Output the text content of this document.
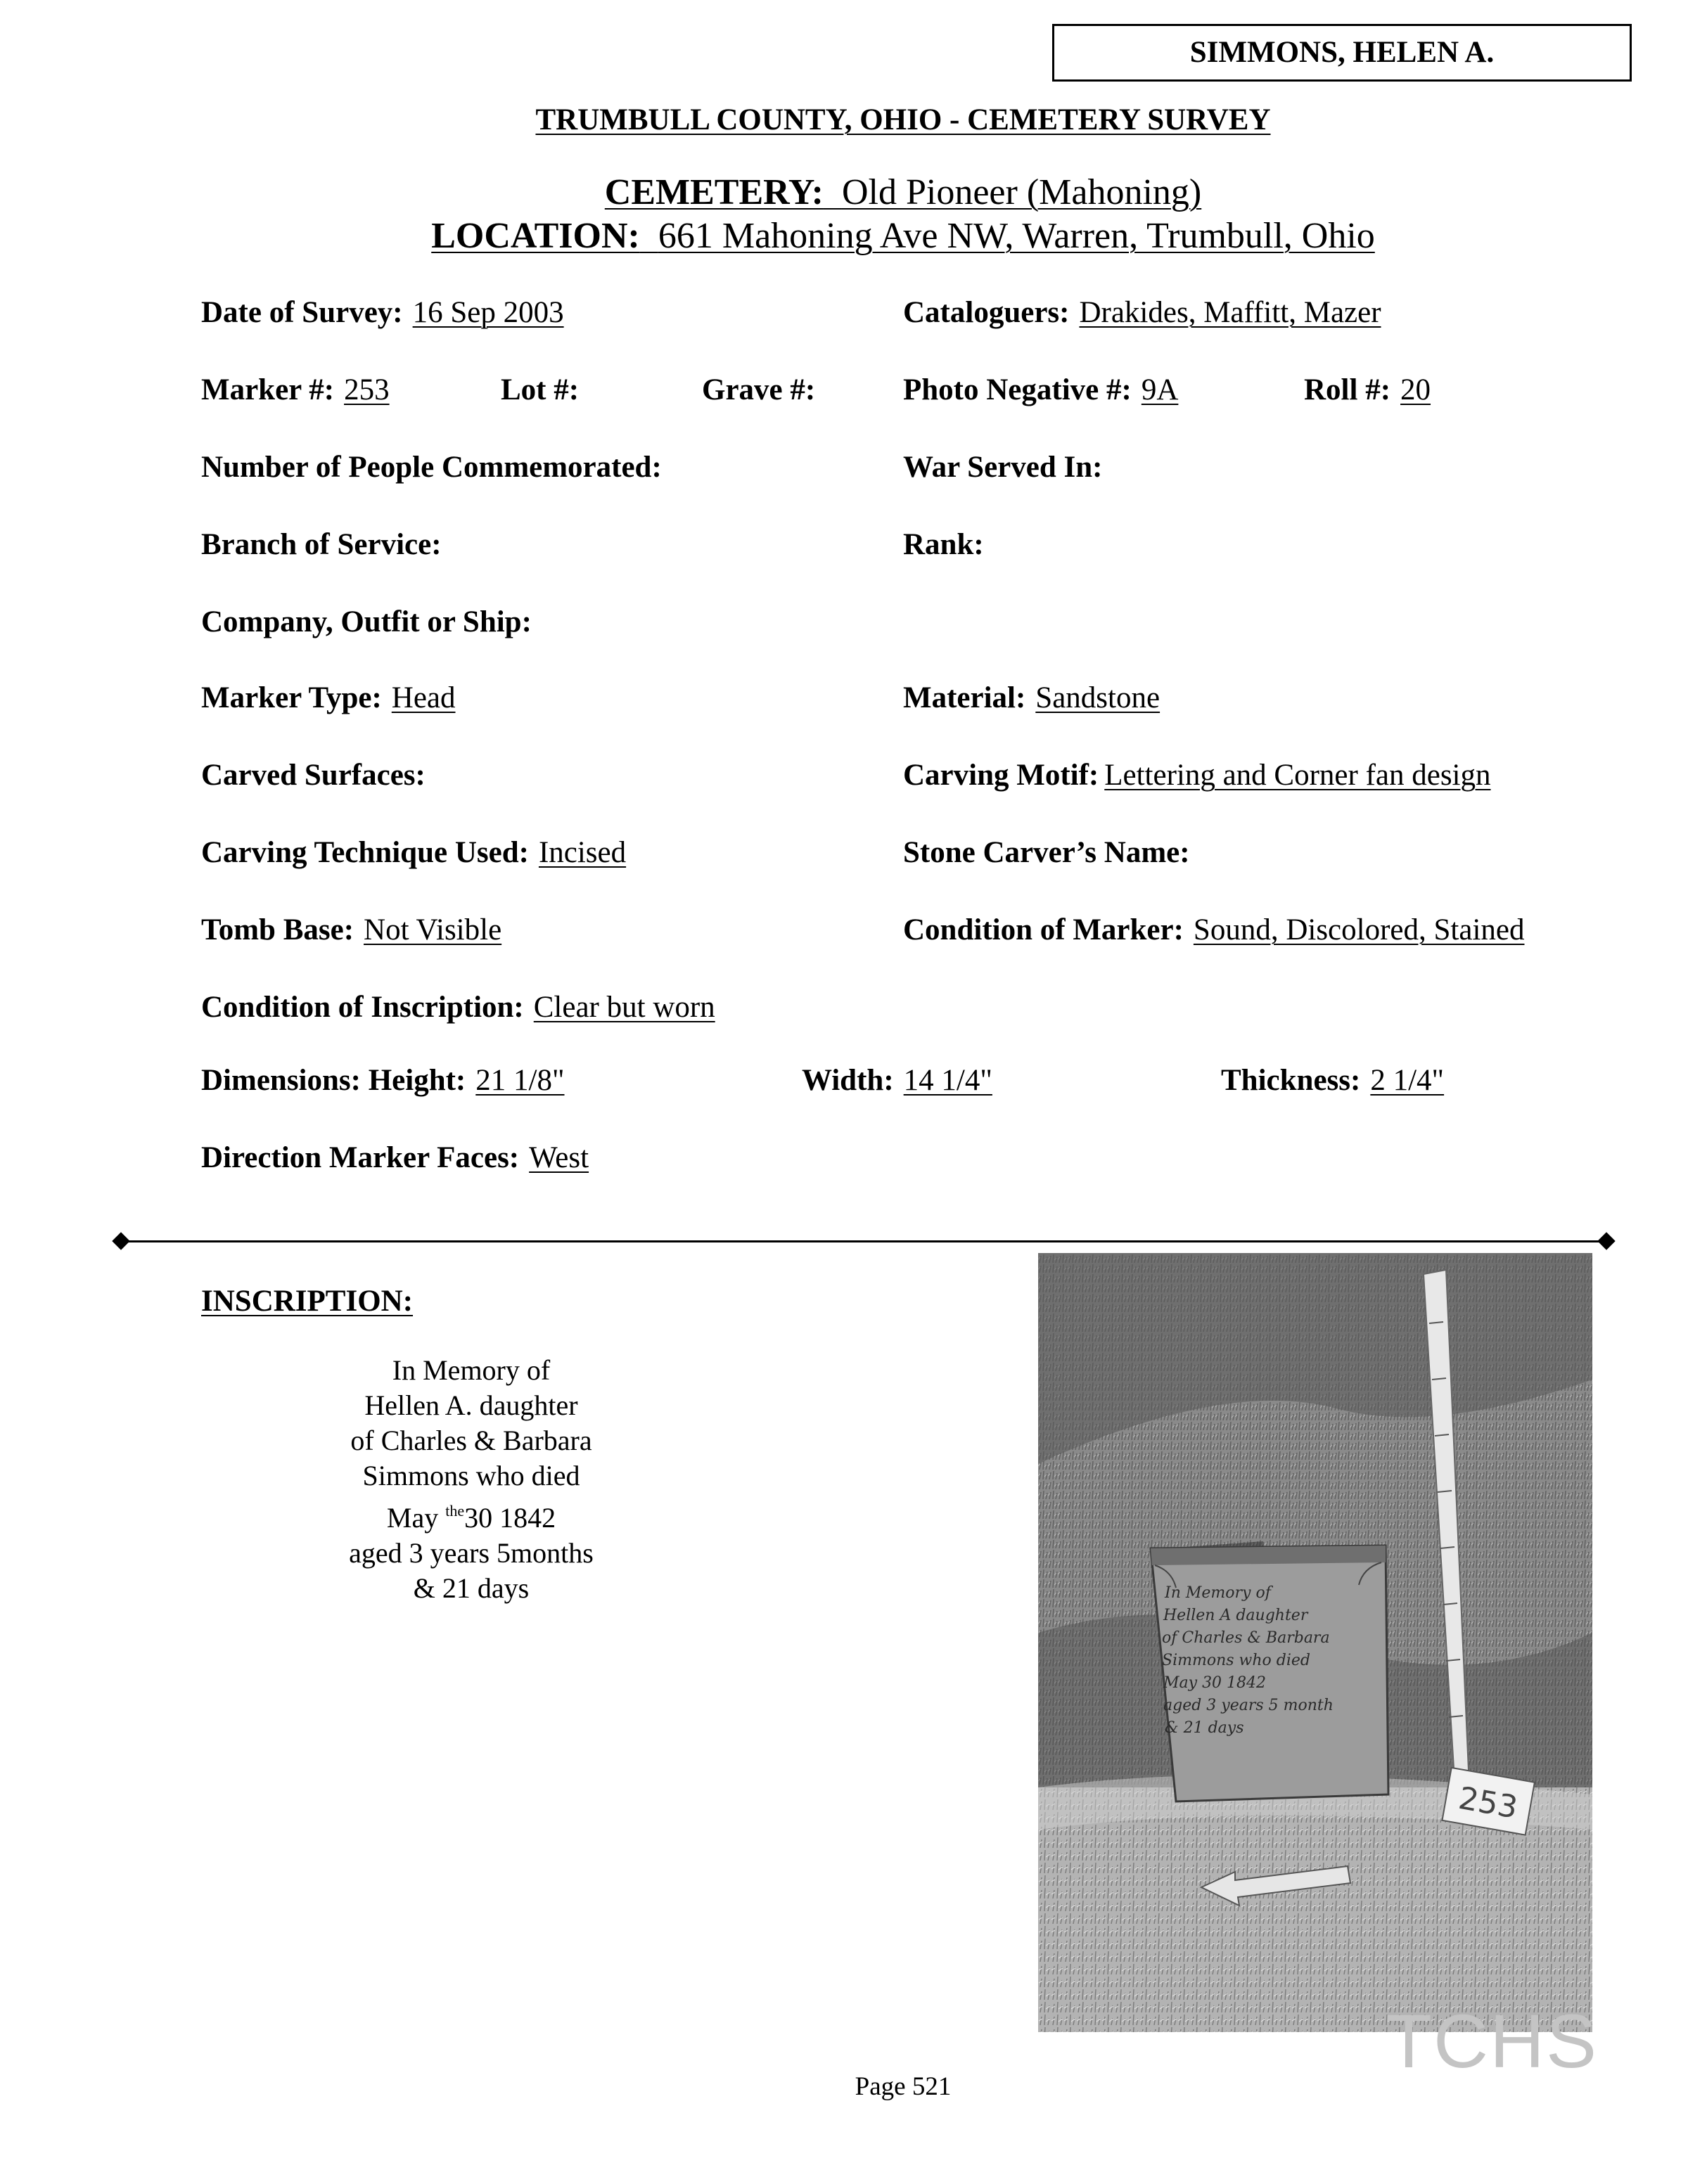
SIMMONS, HELEN A.
TRUMBULL COUNTY, OHIO - CEMETERY SURVEY
CEMETERY: Old Pioneer (Mahoning)
LOCATION: 661 Mahoning Ave NW, Warren, Trumbull, Ohio
Date of Survey: 16 Sep 2003	Cataloguers: Drakides, Maffitt, Mazer
Marker #: 253	Lot #:	Grave #:	Photo Negative #: 9A	Roll #: 20
Number of People Commemorated:	War Served In:
Branch of Service:	Rank:
Company, Outfit or Ship:
Marker Type: Head	Material: Sandstone
Carved Surfaces:	Carving Motif: Lettering and Corner fan design
Carving Technique Used: Incised	Stone Carver’s Name:
Tomb Base: Not Visible	Condition of Marker: Sound, Discolored, Stained
Condition of Inscription: Clear but worn
Dimensions: Height: 21 1/8"	Width: 14 1/4"	Thickness: 2 1/4"
Direction Marker Faces: West
INSCRIPTION:
In Memory of
Hellen A. daughter
of Charles & Barbara
Simmons who died
May $^{the}$30 1842
aged 3 years 5months
& 21 days	In Memory of
Hellen A daughter
of Charles & Barbara
Simmons who died
May 30 1842
aged 3 years 5 month
& 21 days
253
TCHS
Page 521
